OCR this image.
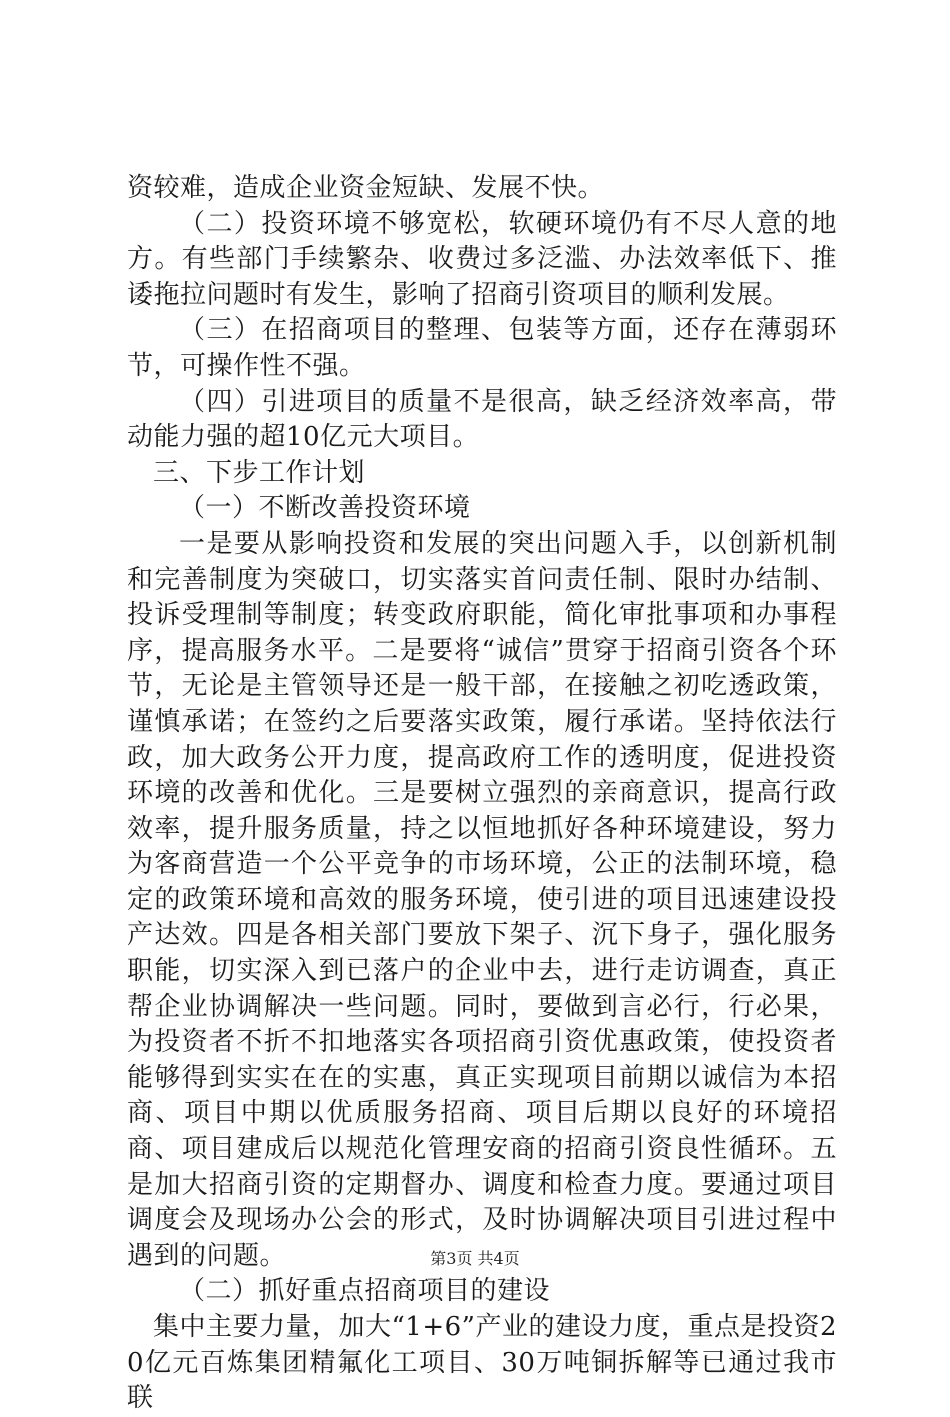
资较难，造成企业资金短缺、发展不快。

（二）投资环境不够宽松，软硬环境仍有不尽人意的地方。有些部门手续繁杂、收费过多泛滥、办法效率低下、推诿拖拉问题时有发生，影响了招商引资项目的顺利发展。

（三）在招商项目的整理、包装等方面，还存在薄弱环节，可操作性不强。

（四）引进项目的质量不是很高，缺乏经济效率高，带动能力强的超10亿元大项目。

三、下步工作计划

（一）不断改善投资环境

一是要从影响投资和发展的突出问题入手，以创新机制和完善制度为突破口，切实落实首问责任制、限时办结制、投诉受理制等制度；转变政府职能，简化审批事项和办事程序，提高服务水平。二是要将“诚信”贯穿于招商引资各个环节，无论是主管领导还是一般干部，在接触之初吃透政策，谨慎承诺；在签约之后要落实政策，履行承诺。坚持依法行政，加大政务公开力度，提高政府工作的透明度，促进投资环境的改善和优化。三是要树立强烈的亲商意识，提高行政效率，提升服务质量，持之以恒地抓好各种环境建设，努力为客商营造一个公平竞争的市场环境，公正的法制环境，稳定的政策环境和高效的服务环境，使引进的项目迅速建设投产达效。四是各相关部门要放下架子、沉下身子，强化服务职能，切实深入到已落户的企业中去，进行走访调查，真正帮企业协调解决一些问题。同时，要做到言必行，行必果，为投资者不折不扣地落实各项招商引资优惠政策，使投资者能够得到实实在在的实惠，真正实现项目前期以诚信为本招商、项目中期以优质服务招商、项目后期以良好的环境招商、项目建成后以规范化管理安商的招商引资良性循环。五是加大招商引资的定期督办、调度和检查力度。要通过项目调度会及现场办公会的形式，及时协调解决项目引进过程中遇到的问题。

（二）抓好重点招商项目的建设

集中主要力量，加大“1+6”产业的建设力度，重点是投资20亿元百炼集团精氟化工项目、30万吨铜拆解等已通过我市联

第3页 共4页
